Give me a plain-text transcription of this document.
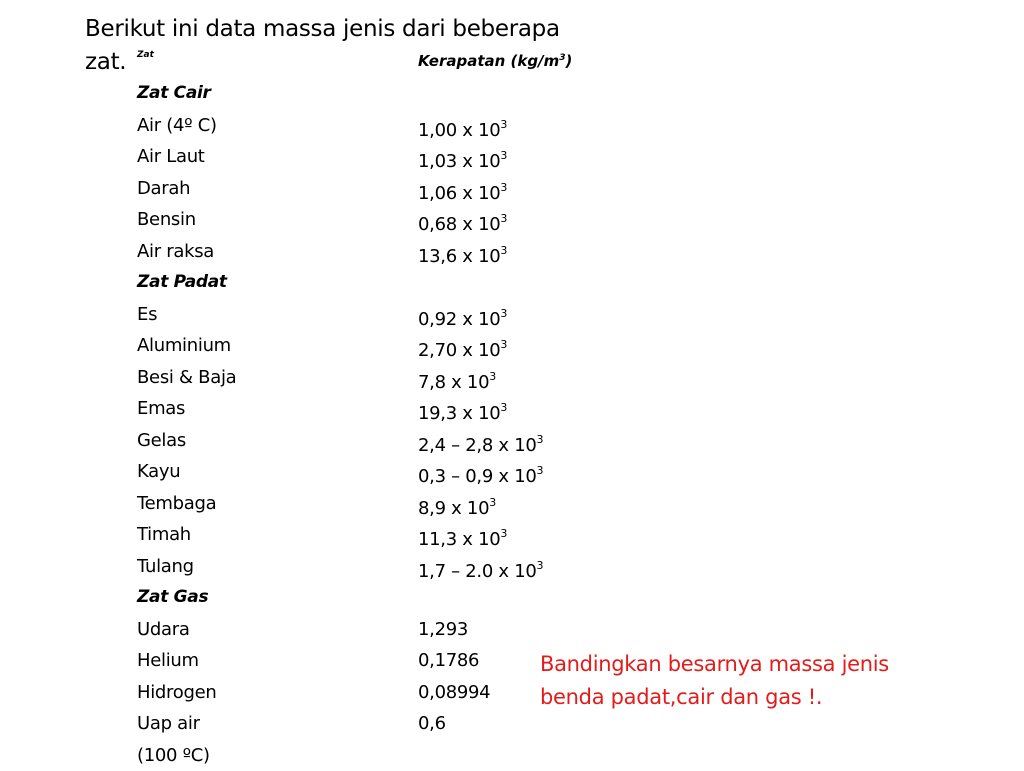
Berikut ini data massa jenis dari beberapa
zat.	Zat	Kerapatan $(kg/m^3)$
Zat Cair
Air (4º C)	1,00 x $10^3$
Air Laut	1,03 x $10^3$
Darah	1,06 x $10^3$
Bensin	0,68 x $10^3$
Air raksa	13,6 x $10^3$
Zat Padat
Es	0,92 x $10^3$
Aluminium	2,70 x $10^3$
Besi & Baja	7,8 x $10^3$
Emas	19,3 x $10^3$
Gelas	2,4 – 2,8 x $10^3$
Kayu	0,3 – 0,9 x $10^3$
Tembaga	8,9 x $10^3$
Timah	11,3 x $10^3$
Tulang	1,7 – 2.0 x $10^3$
Zat Gas
Udara	1,293
Helium	0,1786
Hidrogen	0,08994
Uap air	0,6
(100 ºC)
Bandingkan besarnya massa jenis
benda padat,cair dan gas !.
